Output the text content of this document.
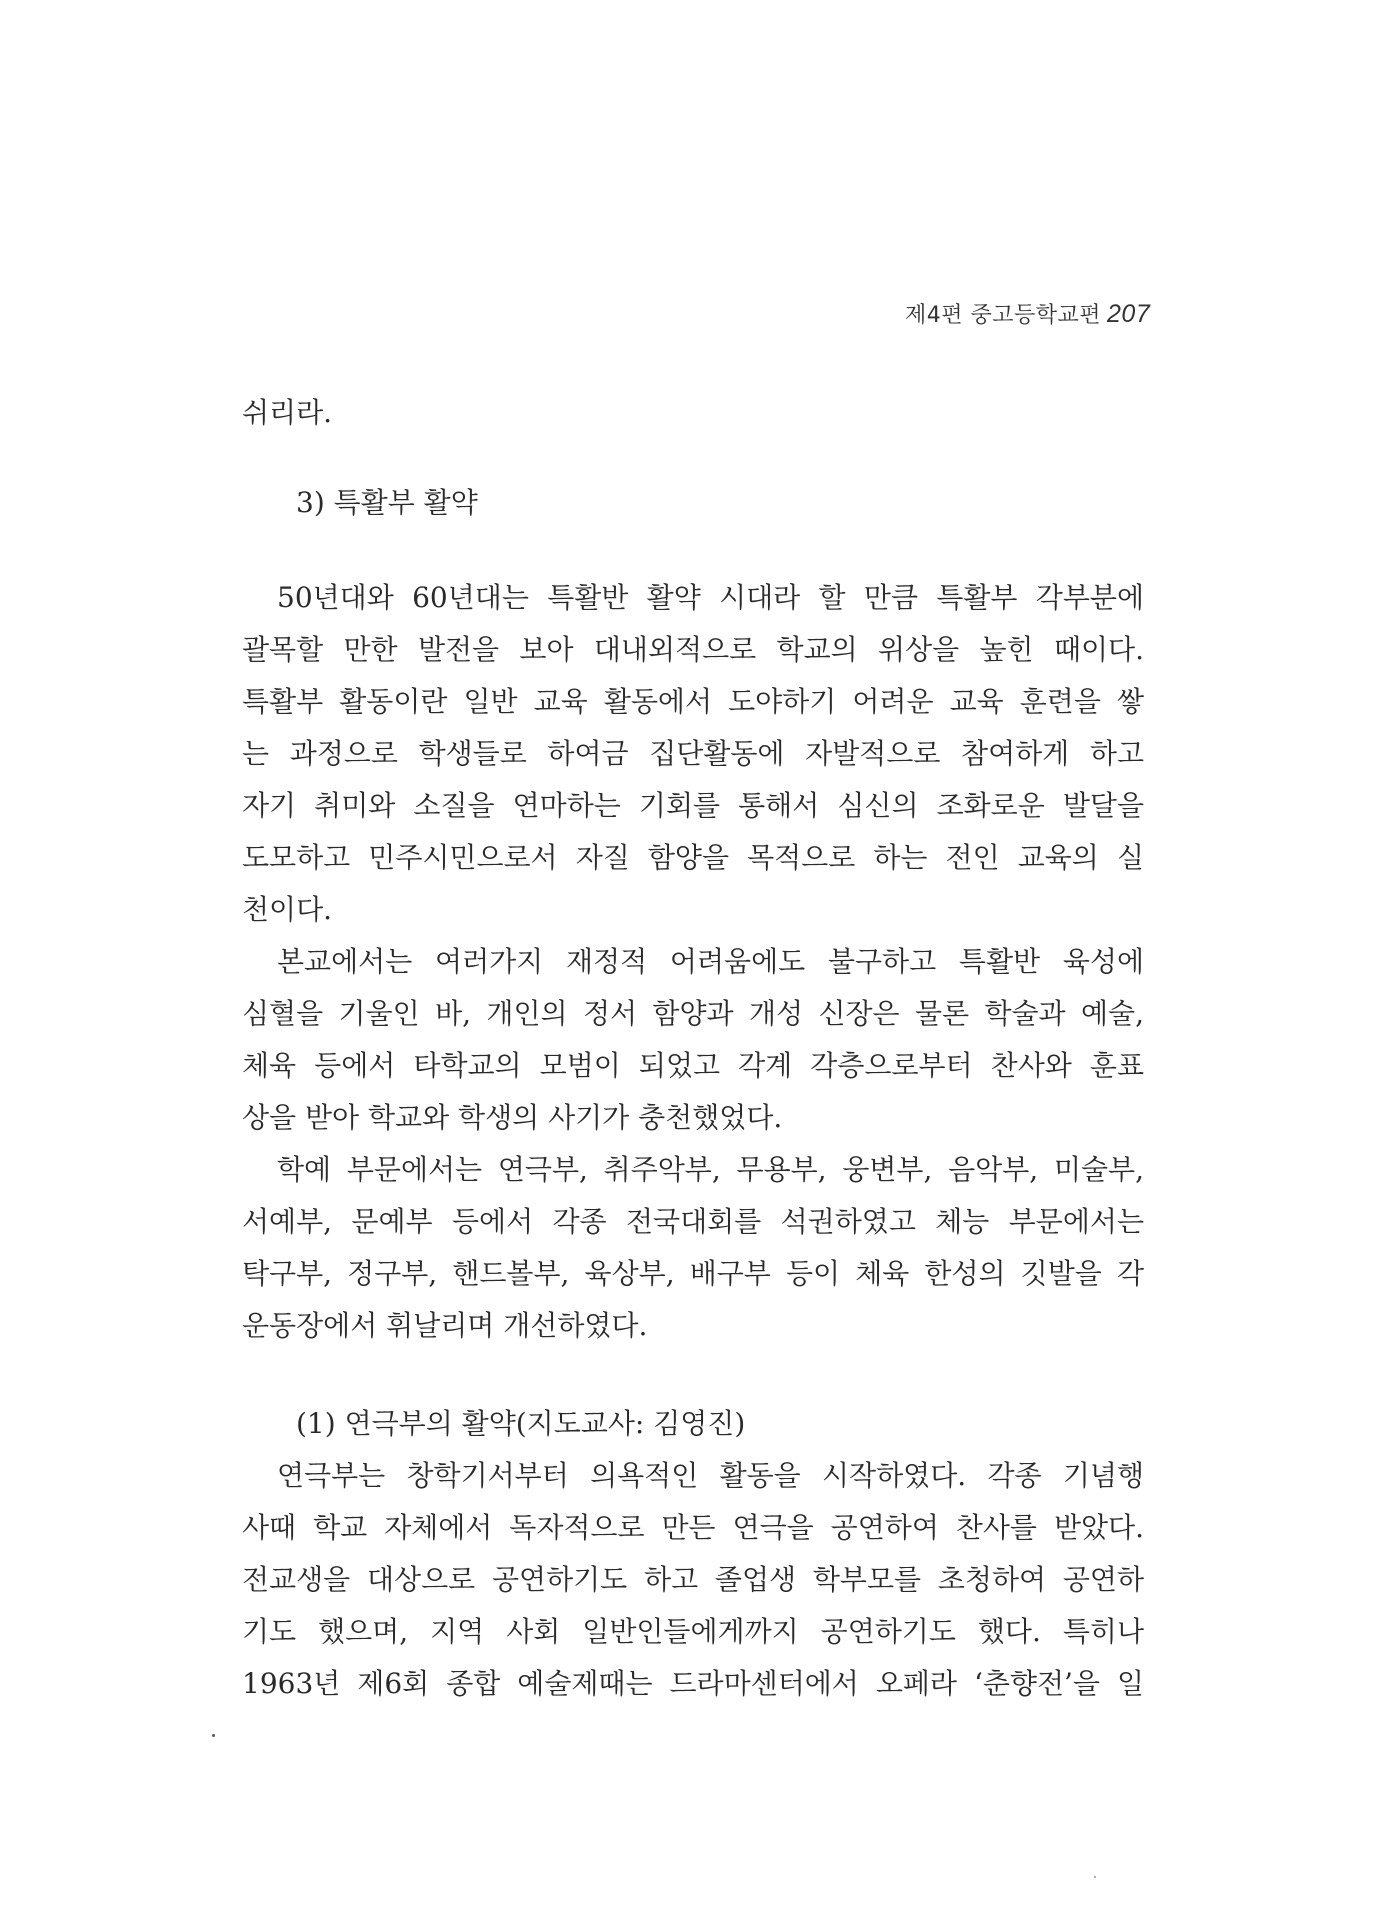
제4편 중고등학교편 207
쉬리라.
3) 특활부 활약
50년대와 60년대는 특활반 활약 시대라 할 만큼 특활부 각부분에
괄목할 만한 발전을 보아 대내외적으로 학교의 위상을 높힌 때이다.
특활부 활동이란 일반 교육 활동에서 도야하기 어려운 교육 훈련을 쌓
는 과정으로 학생들로 하여금 집단활동에 자발적으로 참여하게 하고
자기 취미와 소질을 연마하는 기회를 통해서 심신의 조화로운 발달을
도모하고 민주시민으로서 자질 함양을 목적으로 하는 전인 교육의 실
천이다.
본교에서는 여러가지 재정적 어려움에도 불구하고 특활반 육성에
심혈을 기울인 바, 개인의 정서 함양과 개성 신장은 물론 학술과 예술,
체육 등에서 타학교의 모범이 되었고 각계 각층으로부터 찬사와 훈표
상을 받아 학교와 학생의 사기가 충천했었다.
학예 부문에서는 연극부, 취주악부, 무용부, 웅변부, 음악부, 미술부,
서예부, 문예부 등에서 각종 전국대회를 석권하였고 체능 부문에서는
탁구부, 정구부, 핸드볼부, 육상부, 배구부 등이 체육 한성의 깃발을 각
운동장에서 휘날리며 개선하였다.
(1) 연극부의 활약(지도교사: 김영진)
연극부는 창학기서부터 의욕적인 활동을 시작하였다. 각종 기념행
사때 학교 자체에서 독자적으로 만든 연극을 공연하여 찬사를 받았다.
전교생을 대상으로 공연하기도 하고 졸업생 학부모를 초청하여 공연하
기도 했으며, 지역 사회 일반인들에게까지 공연하기도 했다. 특히나
1963년 제6회 종합 예술제때는 드라마센터에서 오페라 ‘춘향전’을 일
